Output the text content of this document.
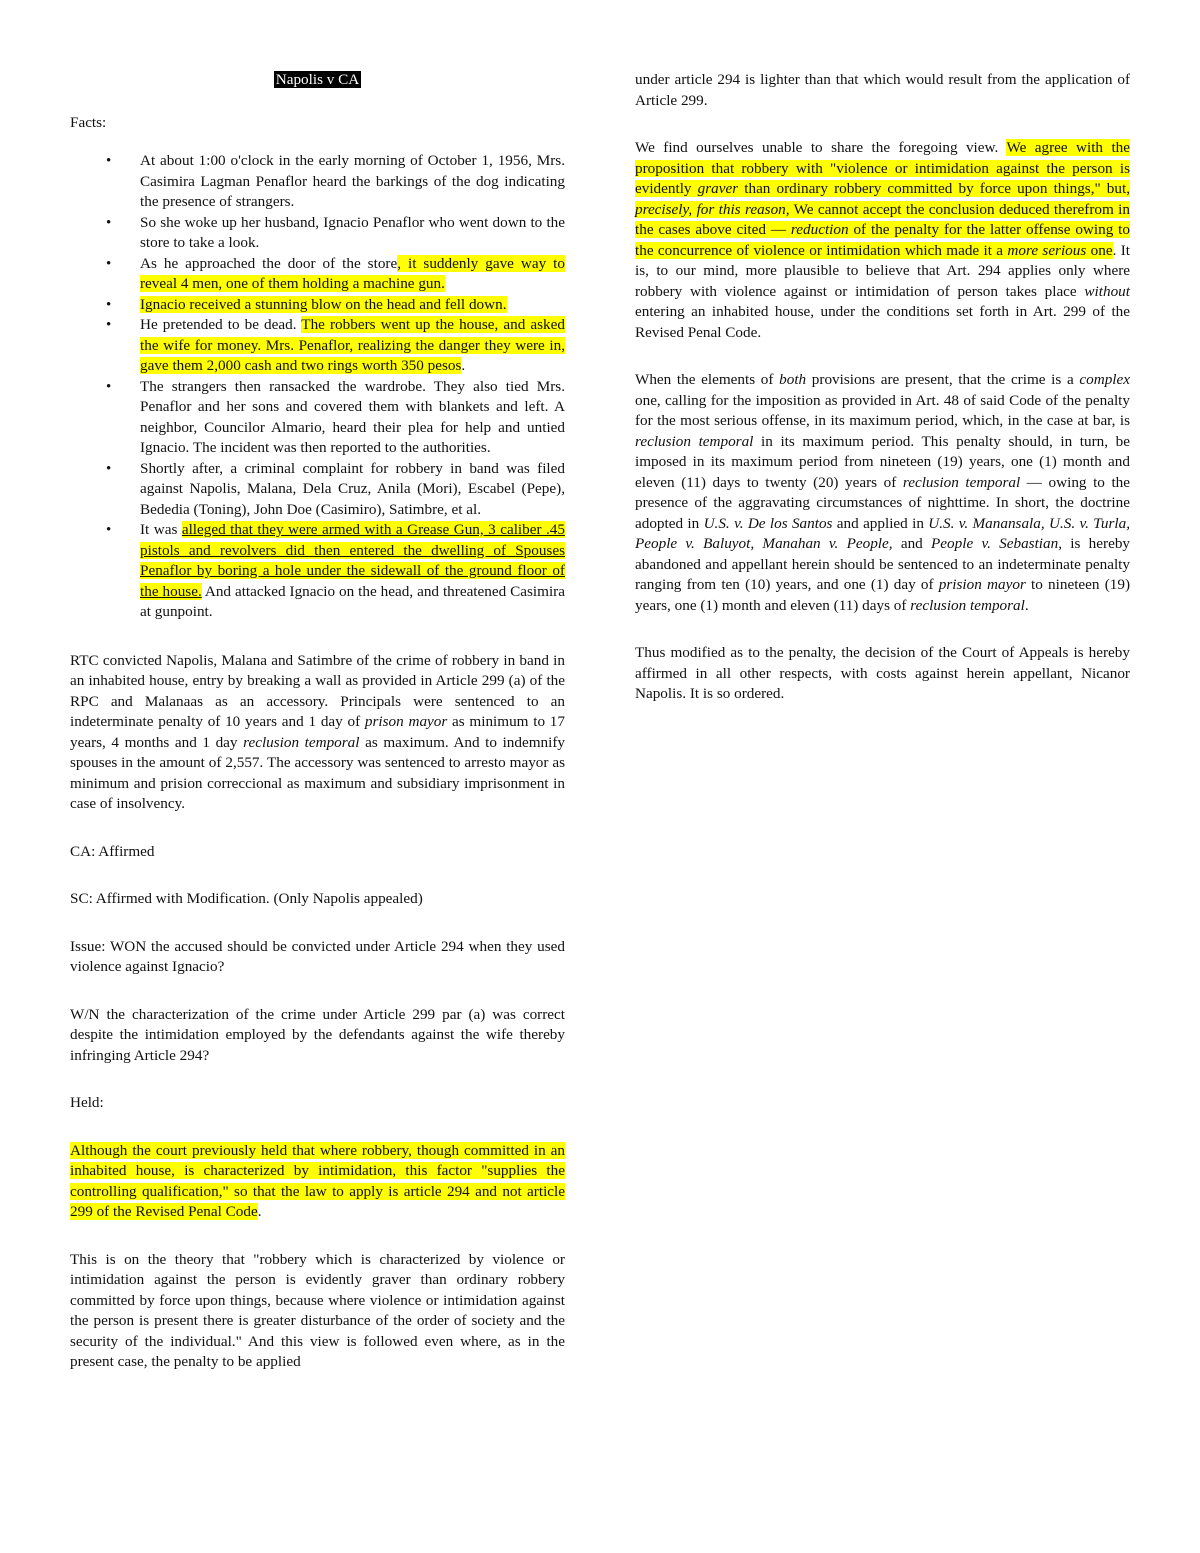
Napolis v CA

Facts:

• At about 1:00 o'clock in the early morning of October 1, 1956, Mrs. Casimira Lagman Penaflor heard the barkings of the dog indicating the presence of strangers.
• So she woke up her husband, Ignacio Penaflor who went down to the store to take a look.
• As he approached the door of the store, it suddenly gave way to reveal 4 men, one of them holding a machine gun.
• Ignacio received a stunning blow on the head and fell down.
• He pretended to be dead. The robbers went up the house, and asked the wife for money. Mrs. Penaflor, realizing the danger they were in, gave them 2,000 cash and two rings worth 350 pesos.
• The strangers then ransacked the wardrobe. They also tied Mrs. Penaflor and her sons and covered them with blankets and left. A neighbor, Councilor Almario, heard their plea for help and untied Ignacio. The incident was then reported to the authorities.
• Shortly after, a criminal complaint for robbery in band was filed against Napolis, Malana, Dela Cruz, Anila (Mori), Escabel (Pepe), Bededia (Toning), John Doe (Casimiro), Satimbre, et al.
• It was alleged that they were armed with a Grease Gun, 3 caliber .45 pistols and revolvers did then entered the dwelling of Spouses Penaflor by boring a hole under the sidewall of the ground floor of the house. And attacked Ignacio on the head, and threatened Casimira at gunpoint.

RTC convicted Napolis, Malana and Satimbre of the crime of robbery in band in an inhabited house, entry by breaking a wall as provided in Article 299 (a) of the RPC and Malanaas as an accessory. Principals were sentenced to an indeterminate penalty of 10 years and 1 day of prison mayor as minimum to 17 years, 4 months and 1 day reclusion temporal as maximum. And to indemnify spouses in the amount of 2,557. The accessory was sentenced to arresto mayor as minimum and prision correccional as maximum and subsidiary imprisonment in case of insolvency.

CA: Affirmed

SC: Affirmed with Modification. (Only Napolis appealed)

Issue: WON the accused should be convicted under Article 294 when they used violence against Ignacio?

W/N the characterization of the crime under Article 299 par (a) was correct despite the intimidation employed by the defendants against the wife thereby infringing Article 294?

Held:

Although the court previously held that where robbery, though committed in an inhabited house, is characterized by intimidation, this factor "supplies the controlling qualification," so that the law to apply is article 294 and not article 299 of the Revised Penal Code.

This is on the theory that "robbery which is characterized by violence or intimidation against the person is evidently graver than ordinary robbery committed by force upon things, because where violence or intimidation against the person is present there is greater disturbance of the order of society and the security of the individual." And this view is followed even where, as in the present case, the penalty to be applied

under article 294 is lighter than that which would result from the application of Article 299.

We find ourselves unable to share the foregoing view. We agree with the proposition that robbery with "violence or intimidation against the person is evidently graver than ordinary robbery committed by force upon things," but, precisely, for this reason, We cannot accept the conclusion deduced therefrom in the cases above cited — reduction of the penalty for the latter offense owing to the concurrence of violence or intimidation which made it a more serious one. It is, to our mind, more plausible to believe that Art. 294 applies only where robbery with violence against or intimidation of person takes place without entering an inhabited house, under the conditions set forth in Art. 299 of the Revised Penal Code.

When the elements of both provisions are present, that the crime is a complex one, calling for the imposition as provided in Art. 48 of said Code of the penalty for the most serious offense, in its maximum period, which, in the case at bar, is reclusion temporal in its maximum period. This penalty should, in turn, be imposed in its maximum period from nineteen (19) years, one (1) month and eleven (11) days to twenty (20) years of reclusion temporal — owing to the presence of the aggravating circumstances of nighttime. In short, the doctrine adopted in U.S. v. De los Santos and applied in U.S. v. Manansala, U.S. v. Turla, People v. Baluyot, Manahan v. People, and People v. Sebastian, is hereby abandoned and appellant herein should be sentenced to an indeterminate penalty ranging from ten (10) years, and one (1) day of prision mayor to nineteen (19) years, one (1) month and eleven (11) days of reclusion temporal.

Thus modified as to the penalty, the decision of the Court of Appeals is hereby affirmed in all other respects, with costs against herein appellant, Nicanor Napolis. It is so ordered.
